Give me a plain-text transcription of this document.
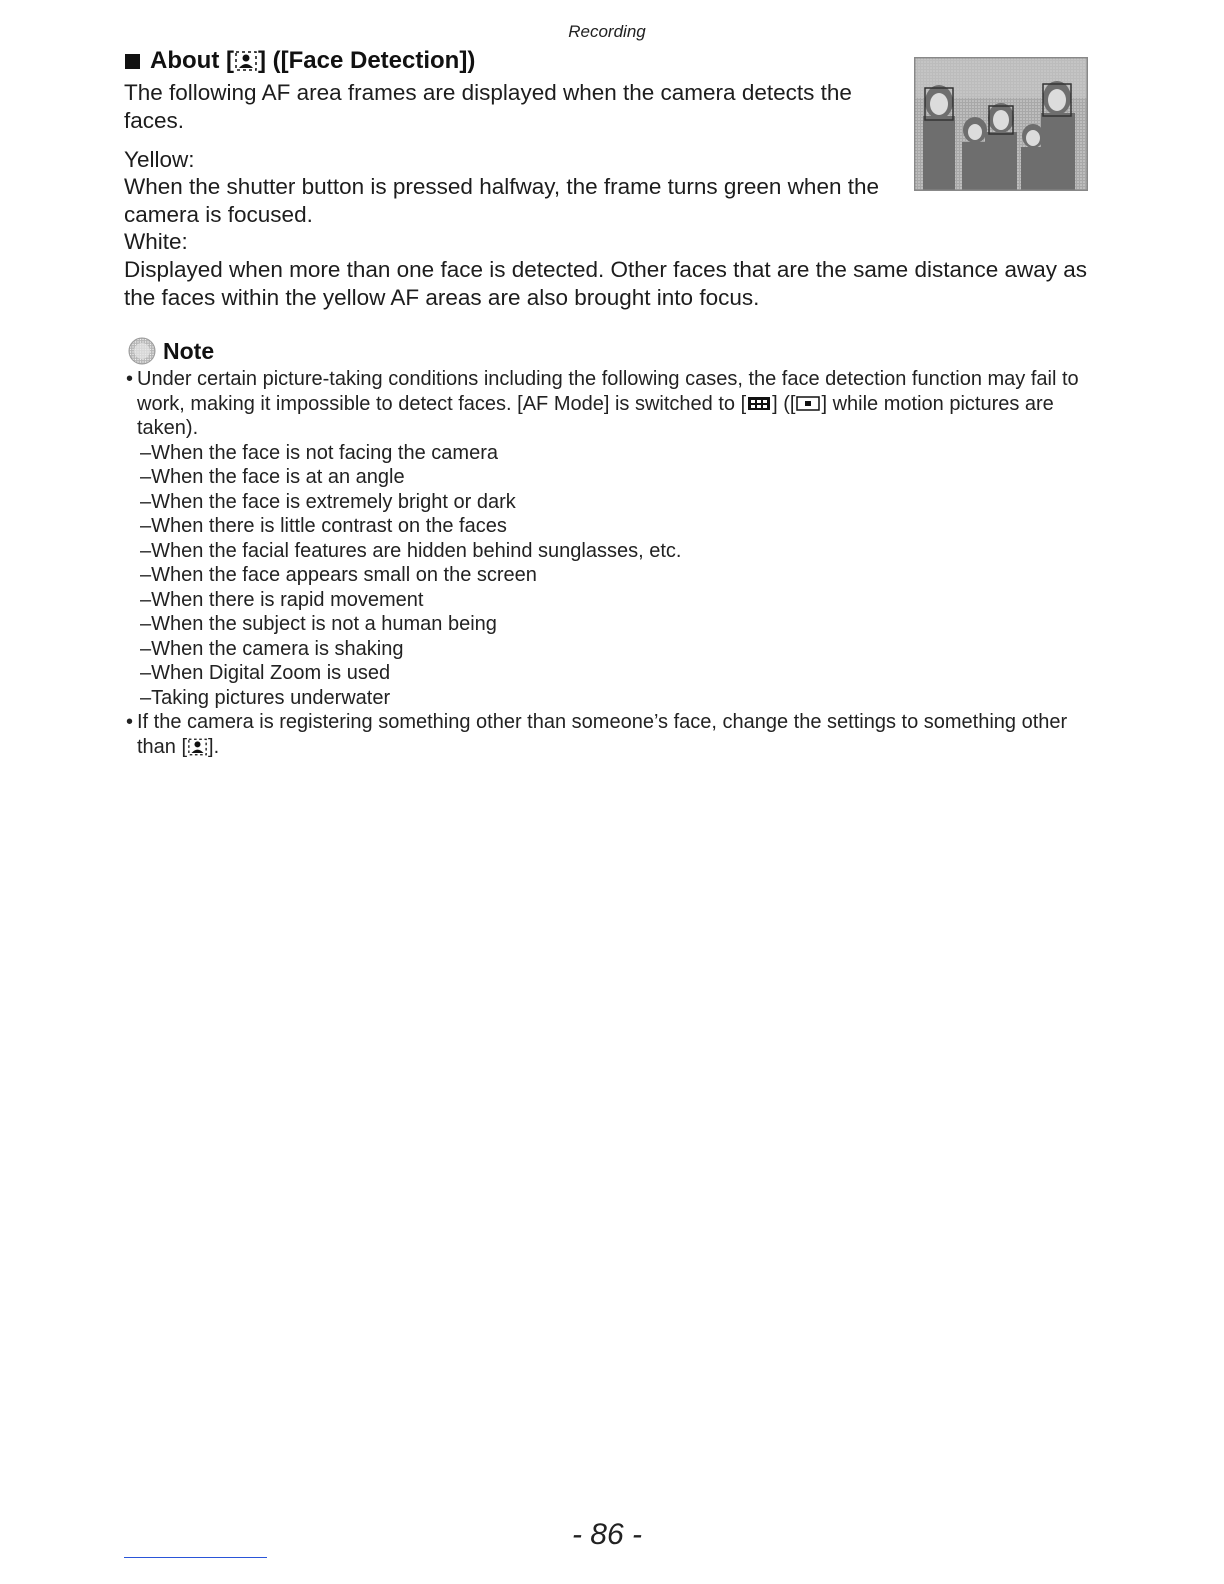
Recording
About [ ] ([Face Detection])
The following AF area frames are displayed when the camera detects the faces.
Yellow:
When the shutter button is pressed halfway, the frame turns green when the camera is focused.
White:
Displayed when more than one face is detected. Other faces that are the same distance away as the faces within the yellow AF areas are also brought into focus.
Note
• Under certain picture-taking conditions including the following cases, the face detection function may fail to work, making it impossible to detect faces. [AF Mode] is switched to [ ] ([ ] while motion pictures are taken).
–When the face is not facing the camera
–When the face is at an angle
–When the face is extremely bright or dark
–When there is little contrast on the faces
–When the facial features are hidden behind sunglasses, etc.
–When the face appears small on the screen
–When there is rapid movement
–When the subject is not a human being
–When the camera is shaking
–When Digital Zoom is used
–Taking pictures underwater
• If the camera is registering something other than someone’s face, change the settings to something other than [ ].
- 86 -
